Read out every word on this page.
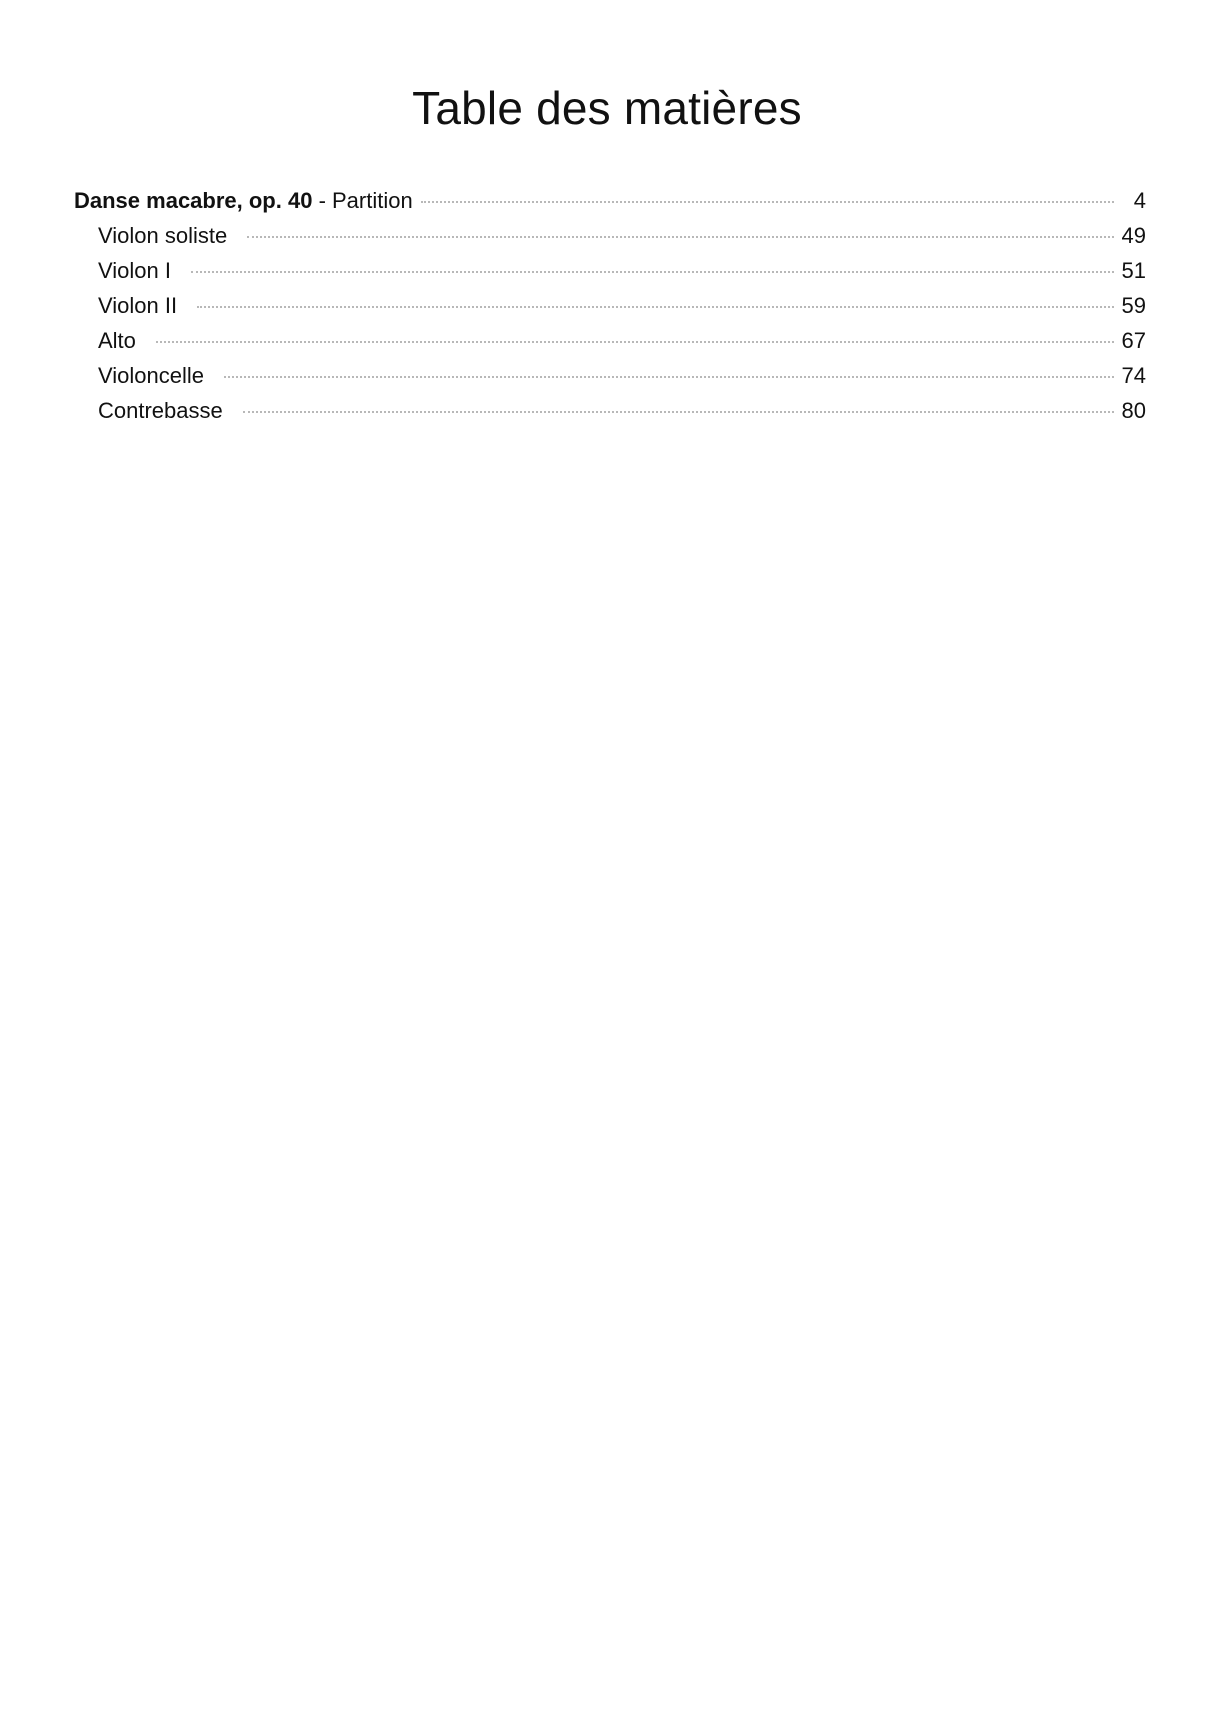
Table des matières
Danse macabre, op. 40 - Partition	4
Violon soliste	49
Violon I	51
Violon II	59
Alto	67
Violoncelle	74
Contrebasse	80
